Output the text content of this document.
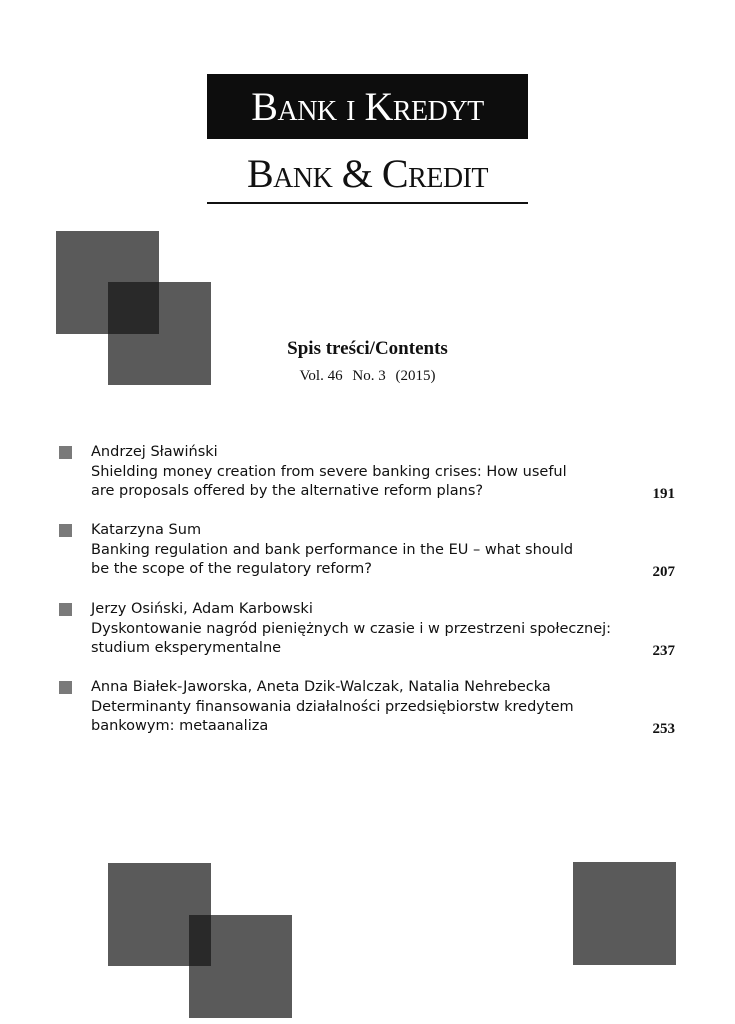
Bank i Kredyt
Bank & Credit
Spis treści/Contents
Vol. 46 No. 3 (2015)
Andrzej Sławiński
Shielding money creation from severe banking crises: How useful
are proposals offered by the alternative reform plans?	191
Katarzyna Sum
Banking regulation and bank performance in the EU – what should
be the scope of the regulatory reform?	207
Jerzy Osiński, Adam Karbowski
Dyskontowanie nagród pieniężnych w czasie i w przestrzeni społecznej:
studium eksperymentalne	237
Anna Białek-Jaworska, Aneta Dzik-Walczak, Natalia Nehrebecka
Determinanty finansowania działalności przedsiębiorstw kredytem
bankowym: metaanaliza	253
